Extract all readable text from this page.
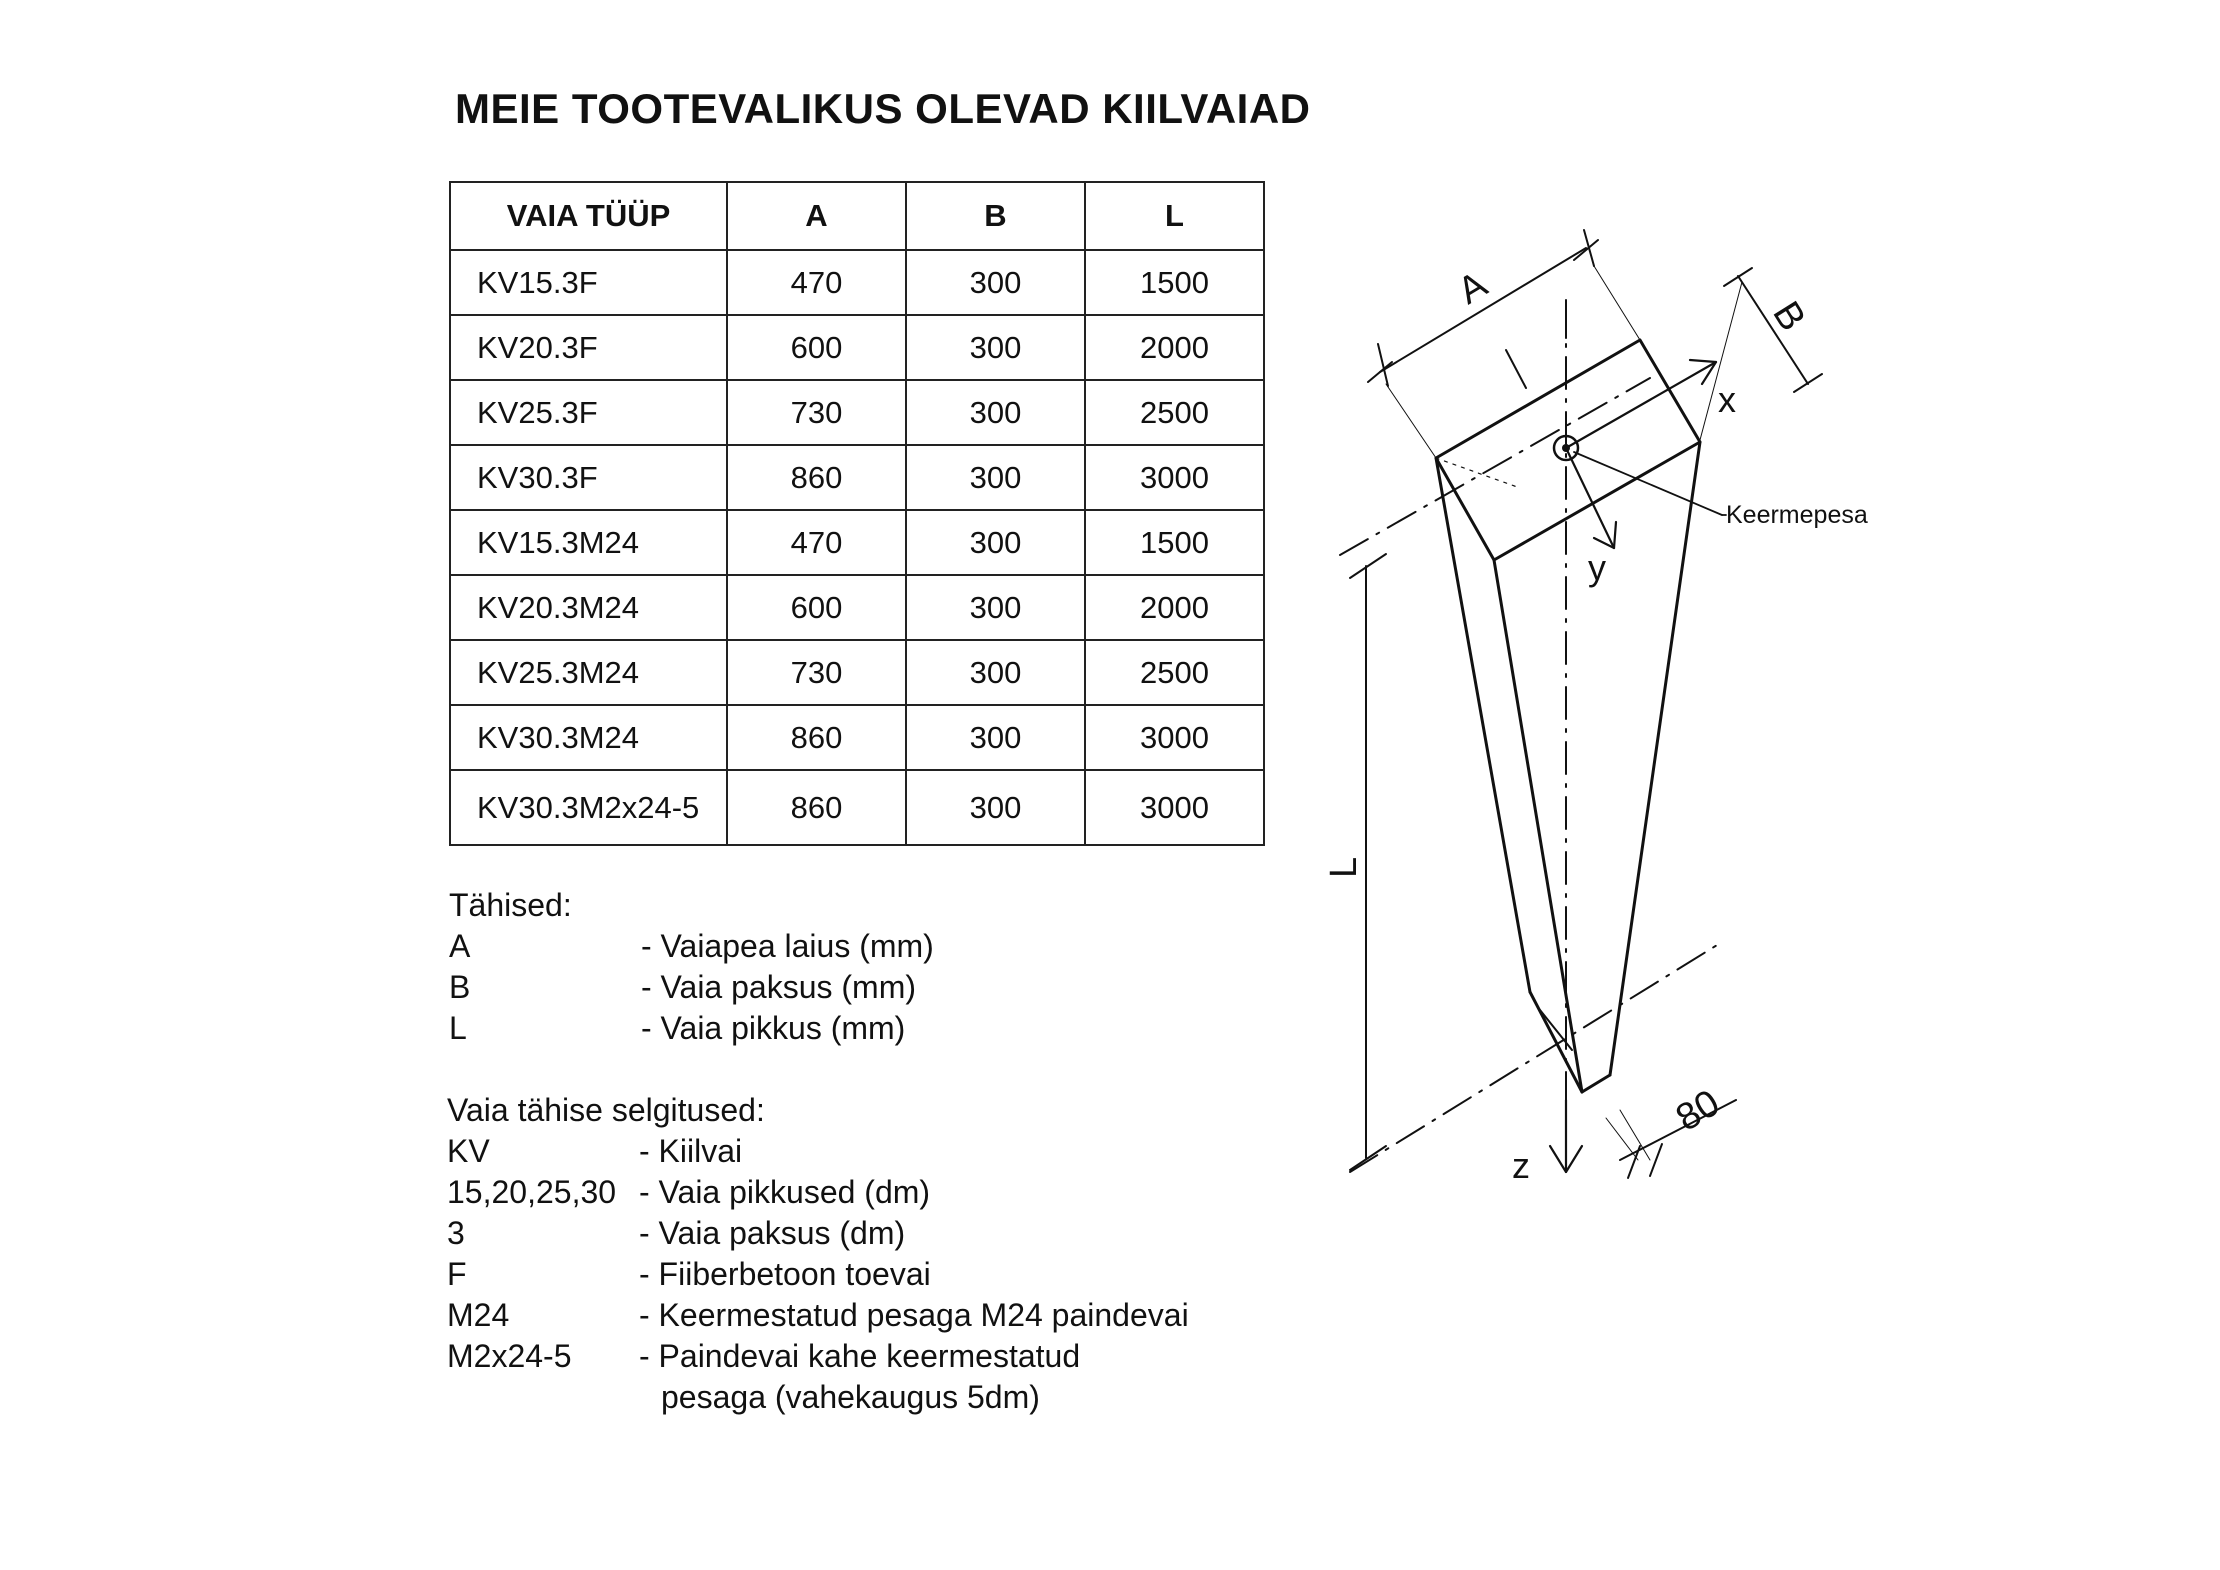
MEIE TOOTEVALIKUS OLEVAD KIILVAIAD
VAIA TÜÜP	A	B	L
KV15.3F	470	300	1500
KV20.3F	600	300	2000
KV25.3F	730	300	2500
KV30.3F	860	300	3000
KV15.3M24	470	300	1500
KV20.3M24	600	300	2000
KV25.3M24	730	300	2500
KV30.3M24	860	300	3000
KV30.3M2x24-5	860	300	3000
Tähised:
A	- Vaiapea laius (mm)
B	- Vaia paksus (mm)
L	- Vaia pikkus (mm)
Vaia tähise selgitused:
KV	- Kiilvai
15,20,25,30 - Vaia pikkused (dm)
3	- Vaia paksus (dm)
F	- Fiiberbetoon toevai
M24	- Keermestatud pesaga M24 paindevai
M2x24-5 - Paindevai kahe keermestatud
pesaga (vahekaugus 5dm)
A
B
L
x
y
z
80
Keermepesa
